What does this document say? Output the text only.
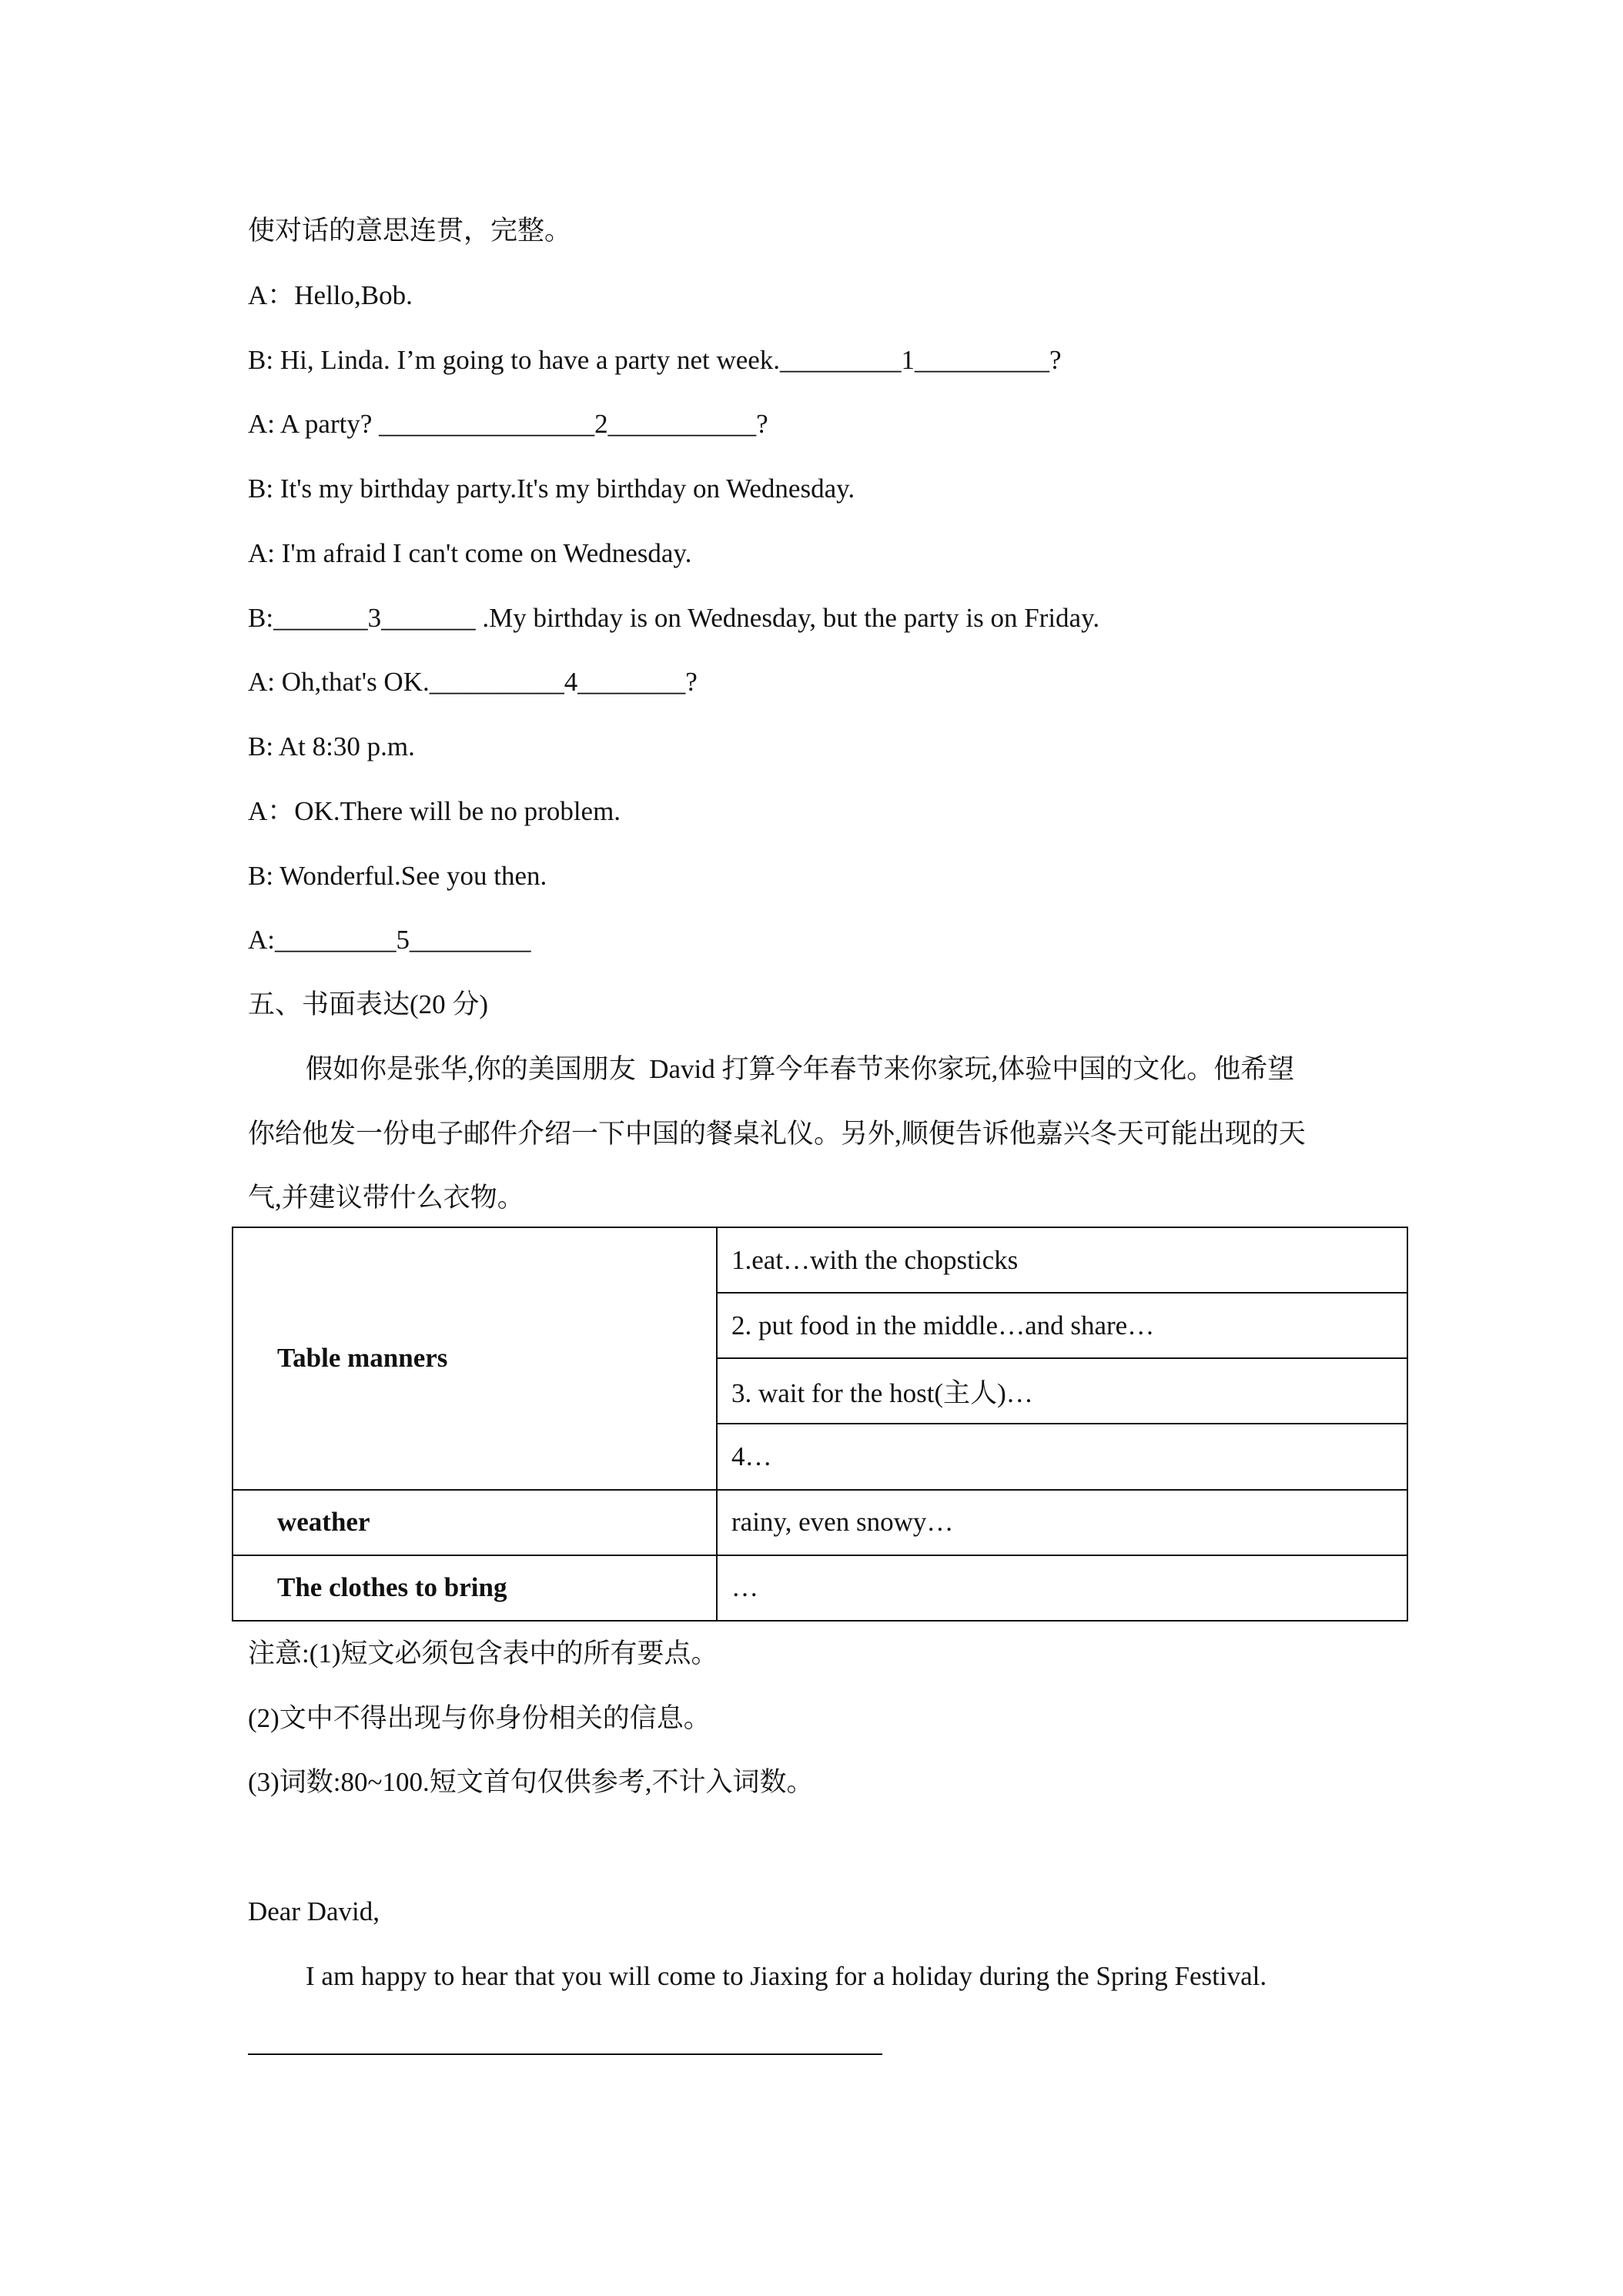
使对话的意思连贯，完整。
A：Hello,Bob.
B: Hi, Linda. I’m going to have a party net week._________1__________?
A: A party? ________________2___________?
B: It's my birthday party.It's my birthday on Wednesday.
A: I'm afraid I can't come on Wednesday.
B:_______3_______ .My birthday is on Wednesday, but the party is on Friday.
A: Oh,that's OK.__________4________?
B: At 8:30 p.m.
A：OK.There will be no problem.
B: Wonderful.See you then.
A:_________5_________
五、书面表达(20 分)
假如你是张华,你的美国朋友  David 打算今年春节来你家玩,体验中国的文化。他希望
你给他发一份电子邮件介绍一下中国的餐桌礼仪。另外,顺便告诉他嘉兴冬天可能出现的天
气,并建议带什么衣物。
Table manners	1.eat…with the chopsticks
	2. put food in the middle…and share…
	3. wait for the host(主人)…
	4…
weather	rainy, even snowy…
The clothes to bring	…
注意:(1)短文必须包含表中的所有要点。
(2)文中不得出现与你身份相关的信息。
(3)词数:80~100.短文首句仅供参考,不计入词数。
Dear David,
I am happy to hear that you will come to Jiaxing for a holiday during the Spring Festival.
